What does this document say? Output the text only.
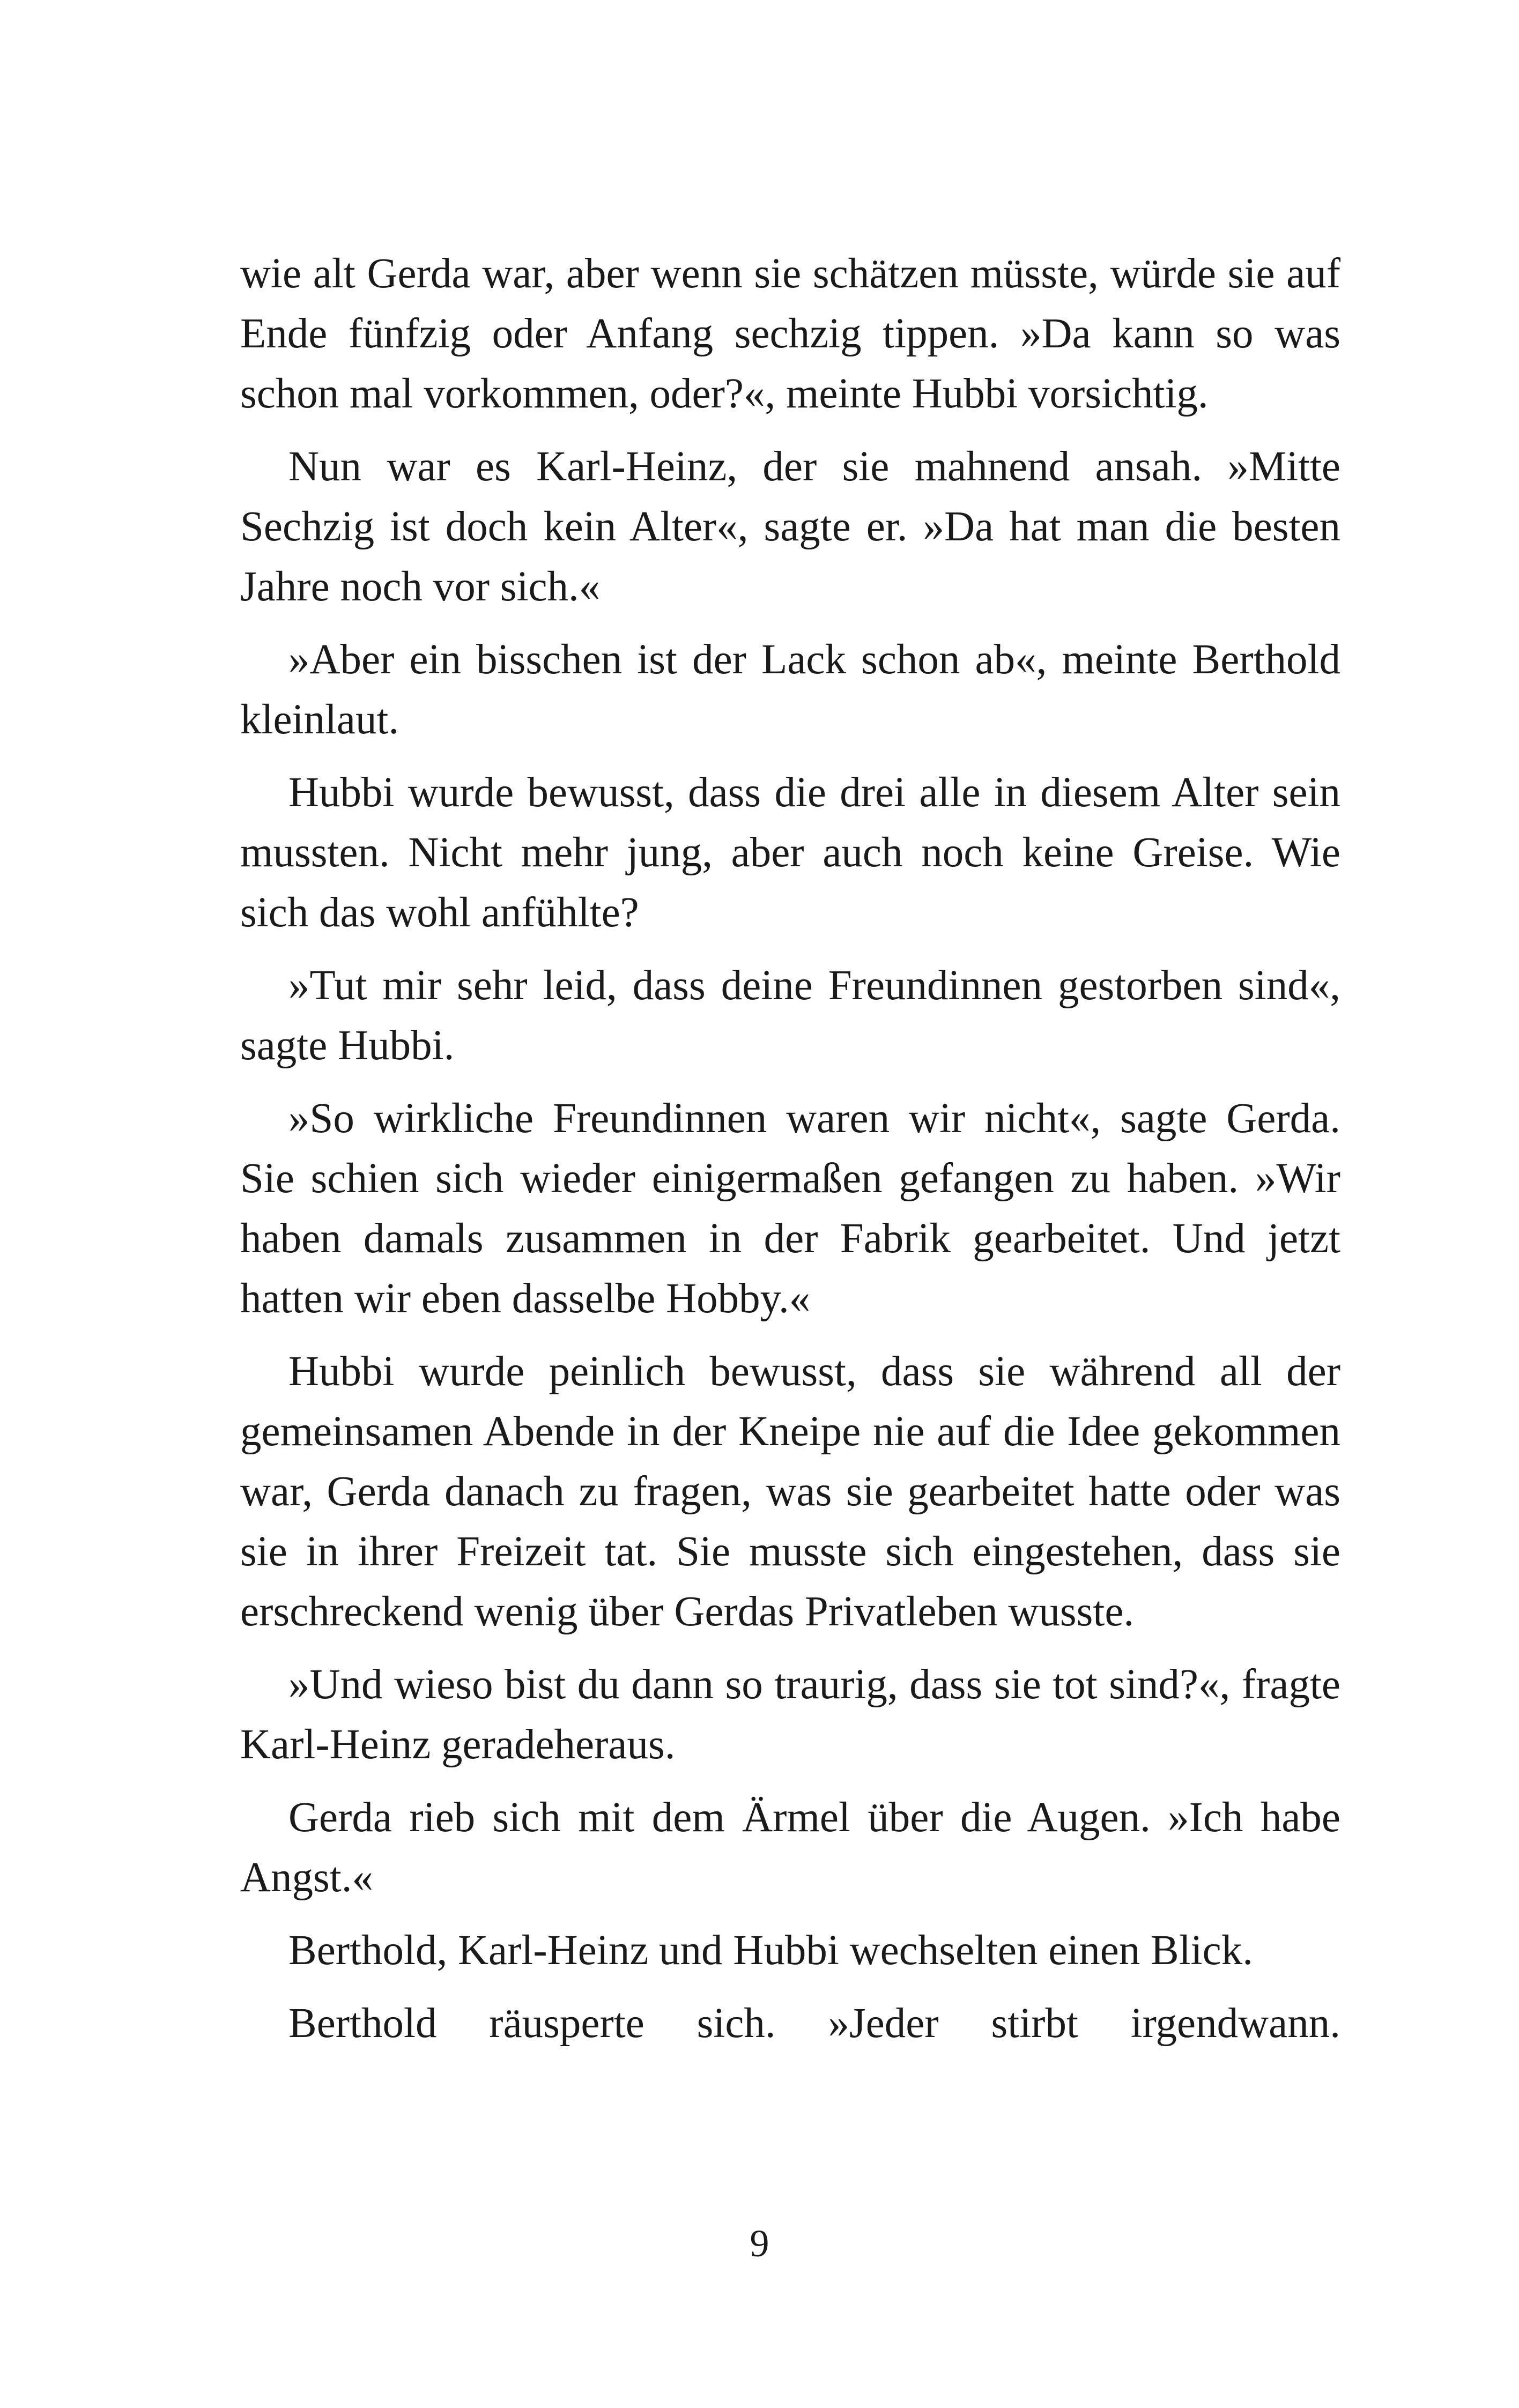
wie alt Gerda war, aber wenn sie schätzen müsste, würde sie auf Ende fünfzig oder Anfang sechzig tippen. »Da kann so was schon mal vorkommen, oder?«, meinte Hubbi vorsichtig.

Nun war es Karl-Heinz, der sie mahnend ansah. »Mitte Sechzig ist doch kein Alter«, sagte er. »Da hat man die besten Jahre noch vor sich.«

»Aber ein bisschen ist der Lack schon ab«, meinte Berthold kleinlaut.

Hubbi wurde bewusst, dass die drei alle in diesem Alter sein mussten. Nicht mehr jung, aber auch noch keine Greise. Wie sich das wohl anfühlte?

»Tut mir sehr leid, dass deine Freundinnen gestorben sind«, sagte Hubbi.

»So wirkliche Freundinnen waren wir nicht«, sagte Gerda. Sie schien sich wieder einigermaßen gefangen zu haben. »Wir haben damals zusammen in der Fabrik gearbeitet. Und jetzt hatten wir eben dasselbe Hobby.«

Hubbi wurde peinlich bewusst, dass sie während all der gemeinsamen Abende in der Kneipe nie auf die Idee gekommen war, Gerda danach zu fragen, was sie gearbeitet hatte oder was sie in ihrer Freizeit tat. Sie musste sich eingestehen, dass sie erschreckend wenig über Gerdas Privatleben wusste.

»Und wieso bist du dann so traurig, dass sie tot sind?«, fragte Karl-Heinz geradeheraus.

Gerda rieb sich mit dem Ärmel über die Augen. »Ich habe Angst.«

Berthold, Karl-Heinz und Hubbi wechselten einen Blick.

Berthold räusperte sich. »Jeder stirbt irgendwann.

9
